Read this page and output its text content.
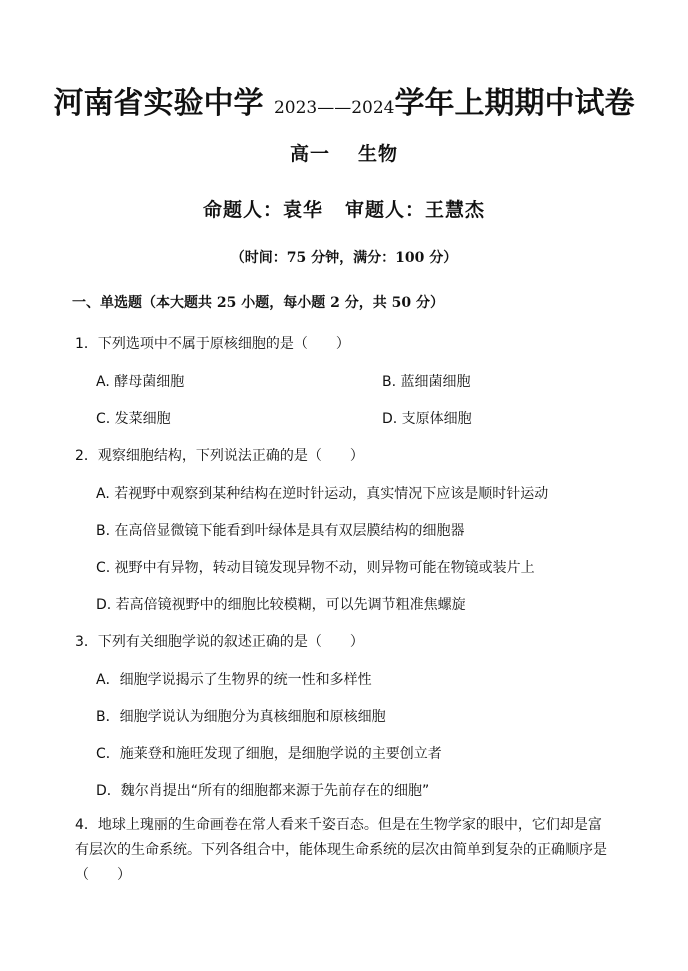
河南省实验中学 2023——2024学年上期期中试卷
高一 生物
命题人：袁华 审题人：王慧杰
（时间：75 分钟，满分：100 分）
一、单选题（本大题共 25 小题，每小题 2 分，共 50 分）
1．下列选项中不属于原核细胞的是（　　）
A. 酵母菌细胞	B. 蓝细菌细胞
C. 发菜细胞	D. 支原体细胞
2．观察细胞结构，下列说法正确的是（　　）
A. 若视野中观察到某种结构在逆时针运动，真实情况下应该是顺时针运动
B. 在高倍显微镜下能看到叶绿体是具有双层膜结构的细胞器
C. 视野中有异物，转动目镜发现异物不动，则异物可能在物镜或装片上
D. 若高倍镜视野中的细胞比较模糊，可以先调节粗准焦螺旋
3．下列有关细胞学说的叙述正确的是（　　）
A．细胞学说揭示了生物界的统一性和多样性
B．细胞学说认为细胞分为真核细胞和原核细胞
C．施莱登和施旺发现了细胞，是细胞学说的主要创立者
D．魏尔肖提出“所有的细胞都来源于先前存在的细胞”
4．地球上瑰丽的生命画卷在常人看来千姿百态。但是在生物学家的眼中，它们却是富有层次的生命系统。下列各组合中，能体现生命系统的层次由简单到复杂的正确顺序是（　　）
